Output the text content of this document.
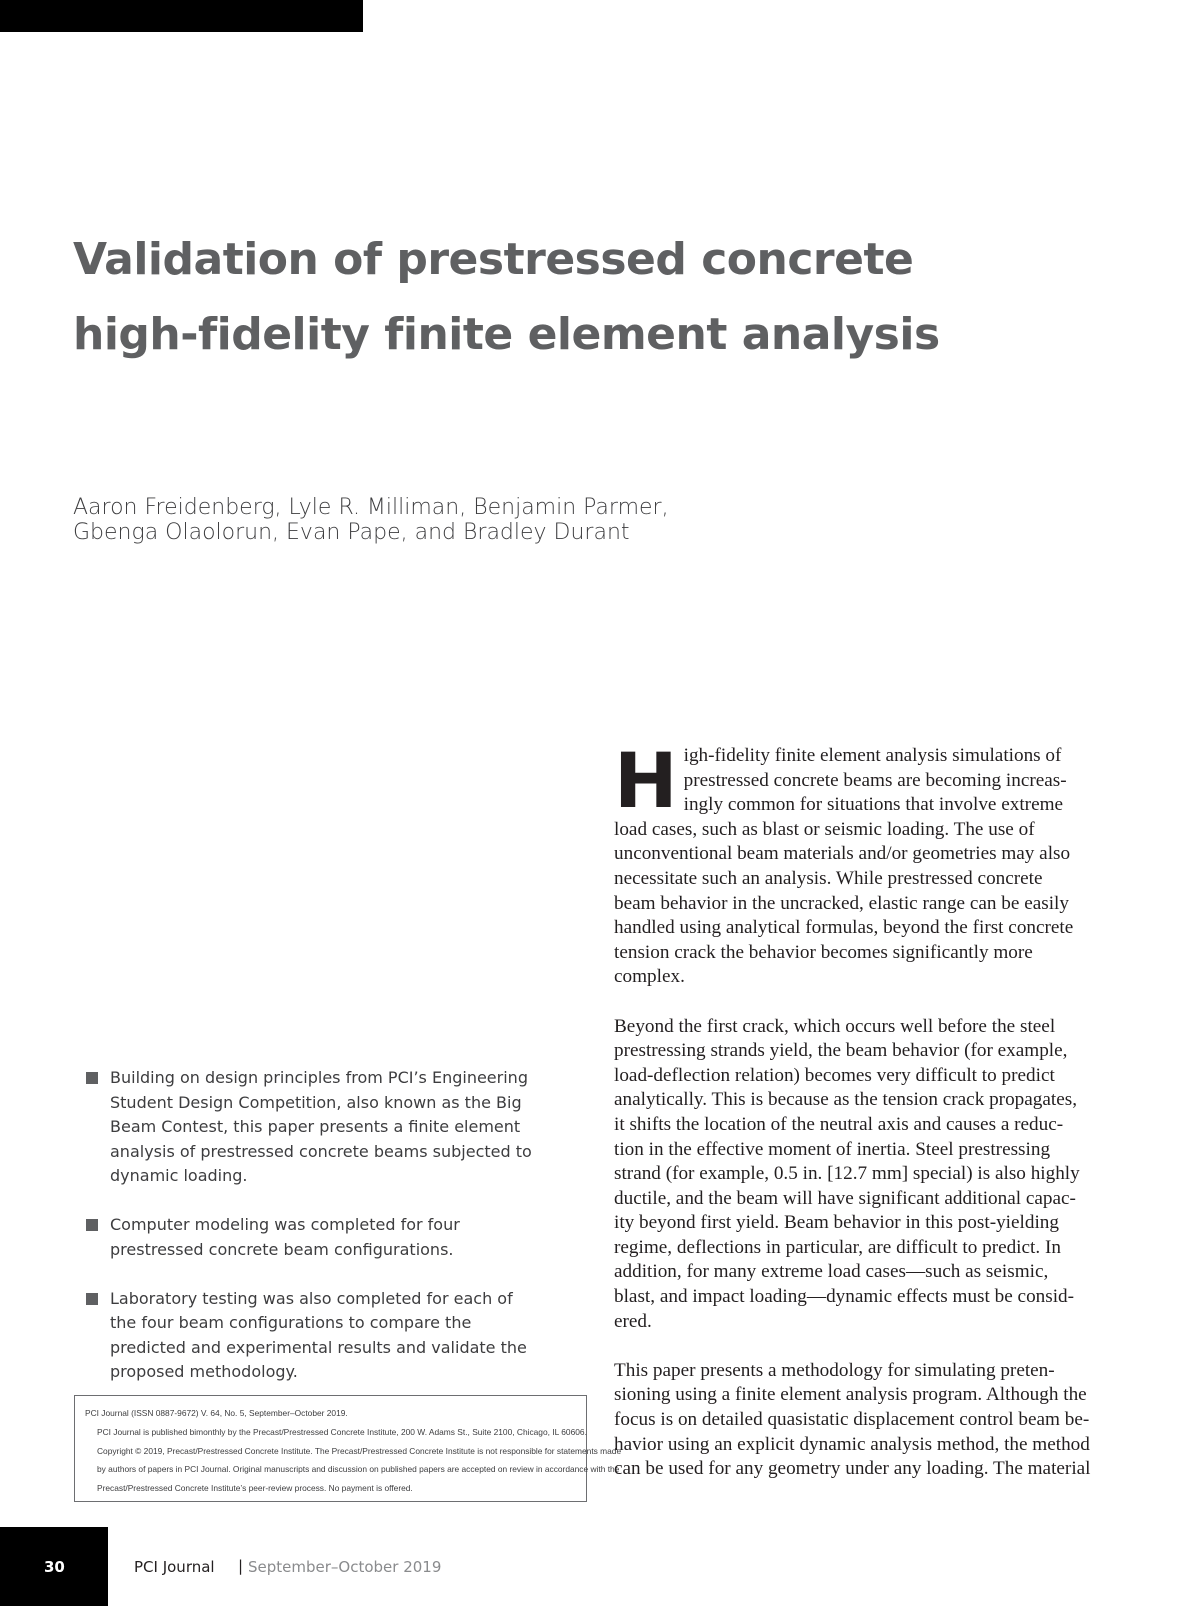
Validation of prestressed concrete
high-fidelity finite element analysis

Aaron Freidenberg, Lyle R. Milliman, Benjamin Parmer,
Gbenga Olaolorun, Evan Pape, and Bradley Durant

Building on design principles from PCI’s Engineering
Student Design Competition, also known as the Big
Beam Contest, this paper presents a finite element
analysis of prestressed concrete beams subjected to
dynamic loading.
Computer modeling was completed for four
prestressed concrete beam configurations.
Laboratory testing was also completed for each of
the four beam configurations to compare the
predicted and experimental results and validate the
proposed methodology.
PCI Journal (ISSN 0887-9672) V. 64, No. 5, September–October 2019.
PCI Journal is published bimonthly by the Precast/Prestressed Concrete Institute, 200 W. Adams St., Suite 2100, Chicago, IL 60606.
Copyright © 2019, Precast/Prestressed Concrete Institute. The Precast/Prestressed Concrete Institute is not responsible for statements made
by authors of papers in PCI Journal. Original manuscripts and discussion on published papers are accepted on review in accordance with the
Precast/Prestressed Concrete Institute’s peer-review process. No payment is offered.

H igh-fidelity finite element analysis simulations of
prestressed concrete beams are becoming increas-
ingly common for situations that involve extreme
load cases, such as blast or seismic loading. The use of
unconventional beam materials and/or geometries may also
necessitate such an analysis. While prestressed concrete
beam behavior in the uncracked, elastic range can be easily
handled using analytical formulas, beyond the first concrete
tension crack the behavior becomes significantly more
complex.

Beyond the first crack, which occurs well before the steel
prestressing strands yield, the beam behavior (for example,
load-deflection relation) becomes very difficult to predict
analytically. This is because as the tension crack propagates,
it shifts the location of the neutral axis and causes a reduc-
tion in the effective moment of inertia. Steel prestressing
strand (for example, 0.5 in. [12.7 mm] special) is also highly
ductile, and the beam will have significant additional capac-
ity beyond first yield. Beam behavior in this post-yielding
regime, deflections in particular, are difficult to predict. In
addition, for many extreme load cases—such as seismic,
blast, and impact loading—dynamic effects must be consid-
ered.

This paper presents a methodology for simulating preten-
sioning using a finite element analysis program. Although the
focus is on detailed quasistatic displacement control beam be-
havior using an explicit dynamic analysis method, the method
can be used for any geometry under any loading. The material

30	PCI Journal | September–October 2019
